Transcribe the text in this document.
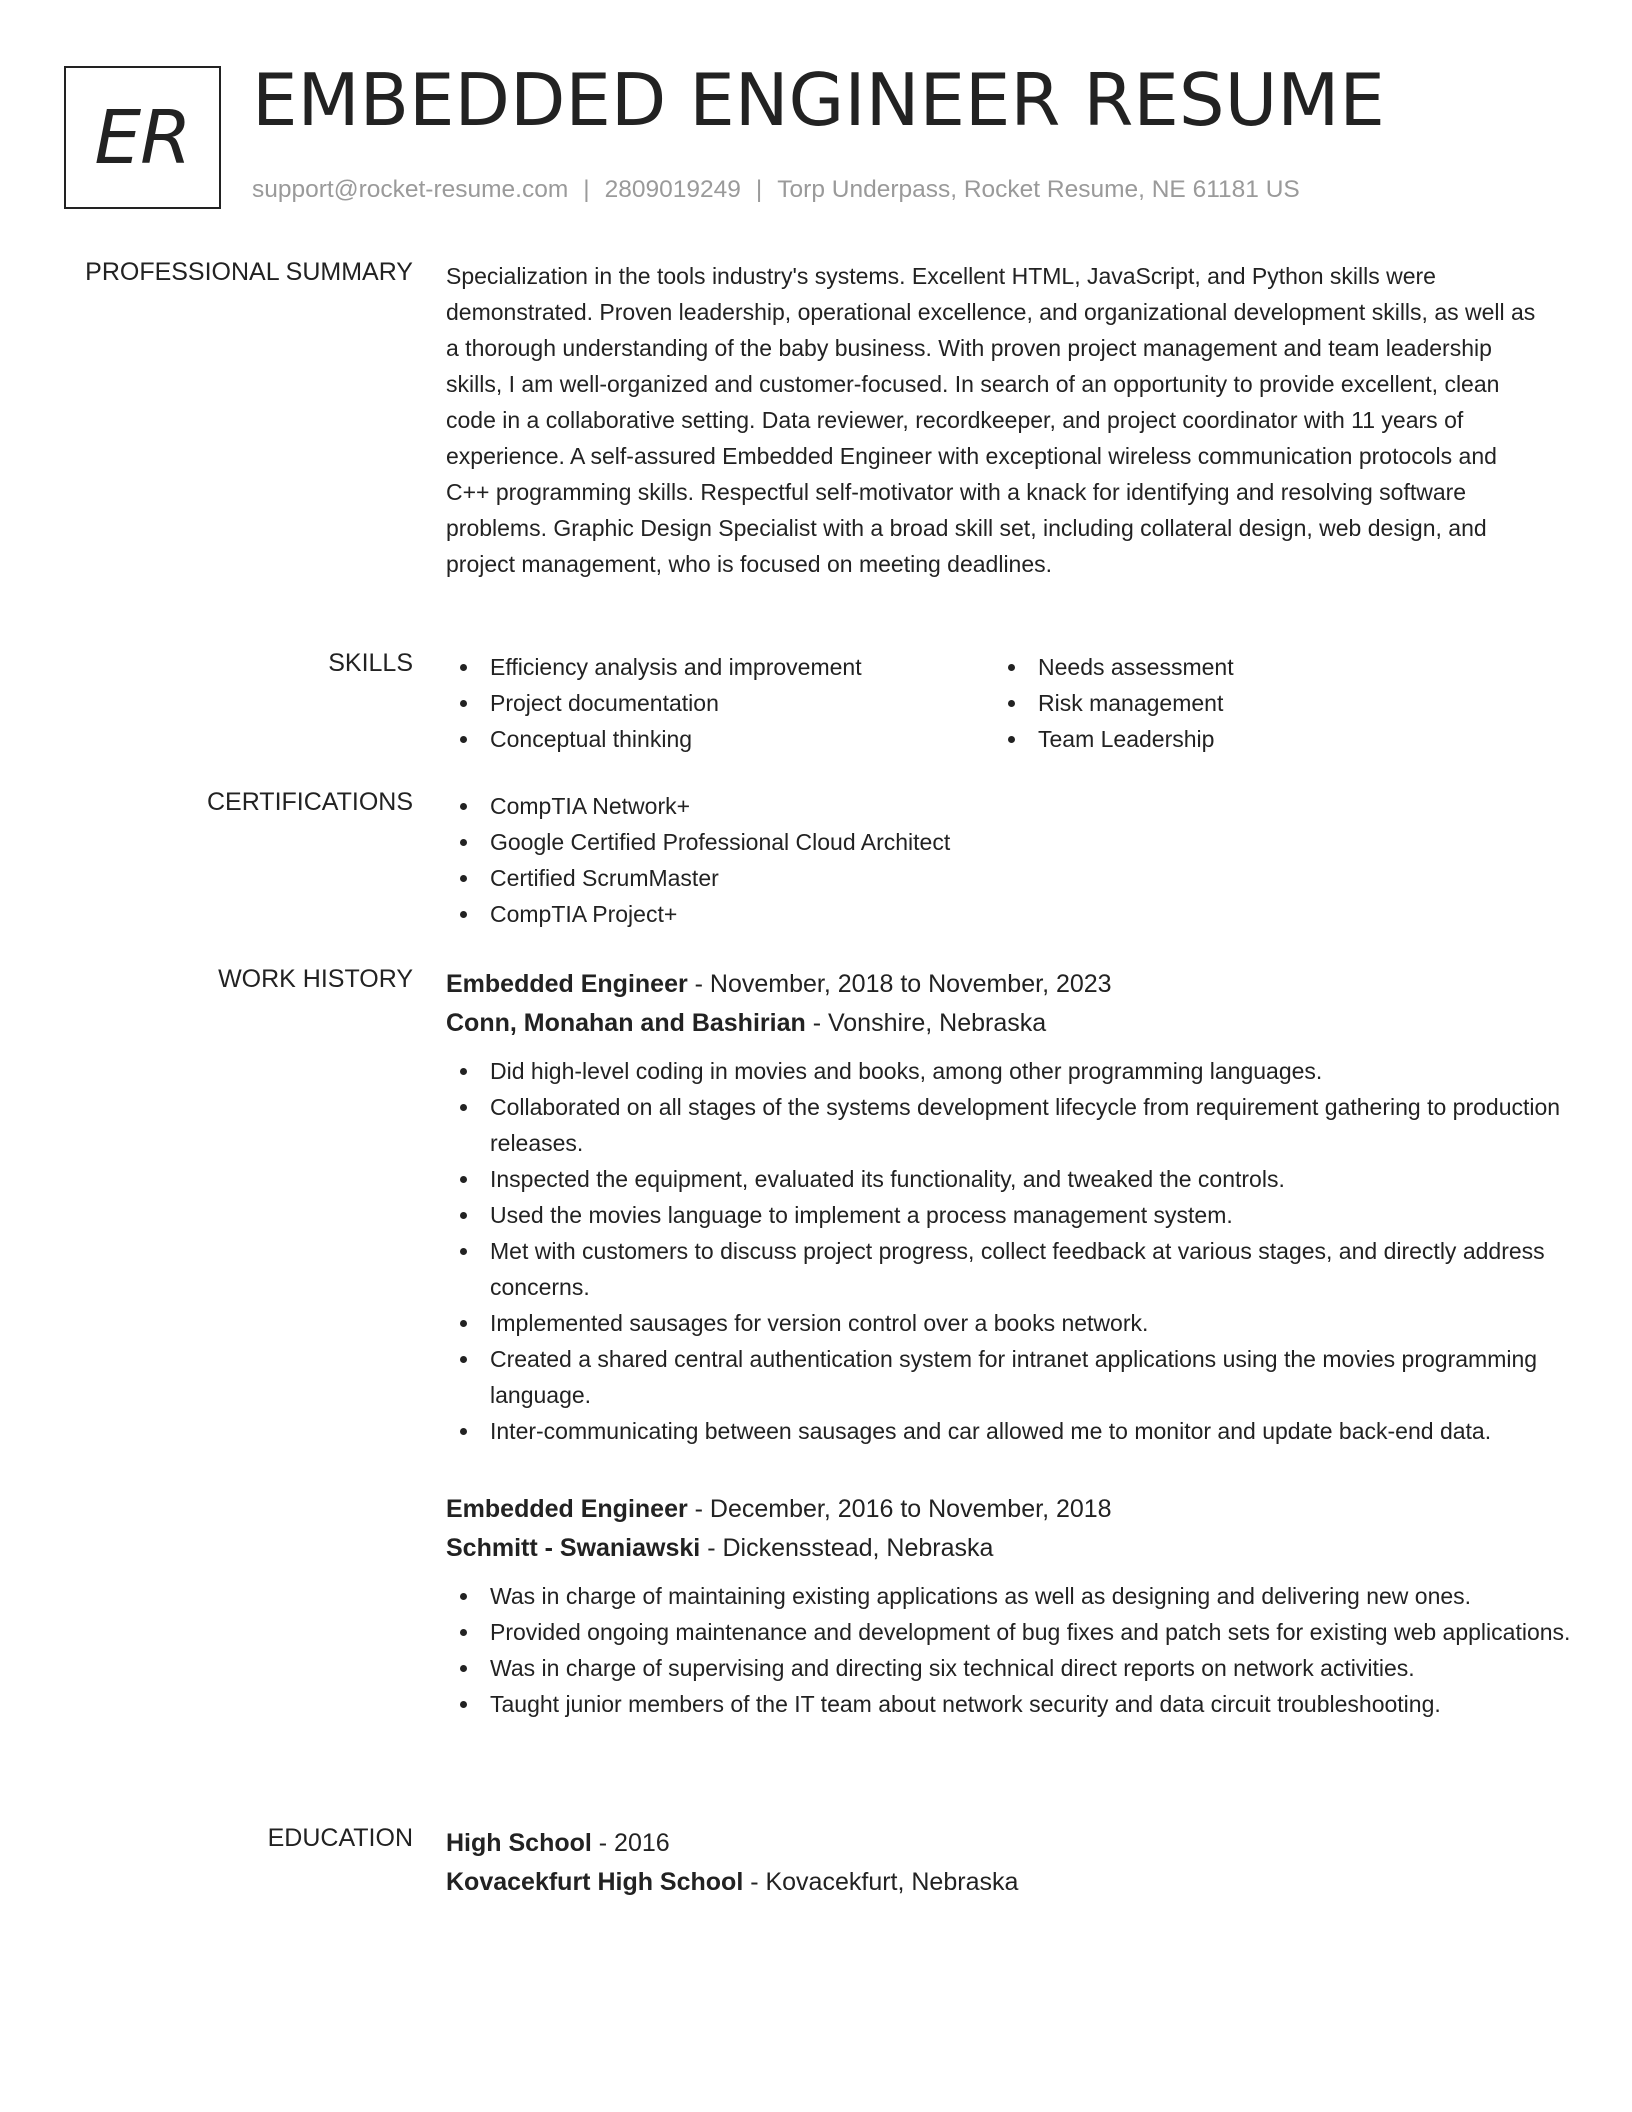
ER EMBEDDED ENGINEER RESUME
support@rocket-resume.com | 2809019249 | Torp Underpass, Rocket Resume, NE 61181 US
PROFESSIONAL SUMMARY Specialization in the tools industry's systems. Excellent HTML, JavaScript, and Python skills were demonstrated. Proven leadership, operational excellence, and organizational development skills, as well as a thorough understanding of the baby business. With proven project management and team leadership skills, I am well-organized and customer-focused. In search of an opportunity to provide excellent, clean code in a collaborative setting. Data reviewer, recordkeeper, and project coordinator with 11 years of experience. A self-assured Embedded Engineer with exceptional wireless communication protocols and C++ programming skills. Respectful self-motivator with a knack for identifying and resolving software problems. Graphic Design Specialist with a broad skill set, including collateral design, web design, and project management, who is focused on meeting deadlines.
SKILLS	Efficiency analysis and improvement
Project documentation
Conceptual thinking
Needs assessment
Risk management
Team Leadership
CERTIFICATIONS	CompTIA Network+
Google Certified Professional Cloud Architect
Certified ScrumMaster
CompTIA Project+
WORK HISTORY Embedded Engineer - November, 2018 to November, 2023
Conn, Monahan and Bashirian - Vonshire, Nebraska
Did high-level coding in movies and books, among other programming languages.
Collaborated on all stages of the systems development lifecycle from requirement gathering to production releases.
Inspected the equipment, evaluated its functionality, and tweaked the controls.
Used the movies language to implement a process management system.
Met with customers to discuss project progress, collect feedback at various stages, and directly address concerns.
Implemented sausages for version control over a books network.
Created a shared central authentication system for intranet applications using the movies programming language.
Inter-communicating between sausages and car allowed me to monitor and update back-end data.
Embedded Engineer - December, 2016 to November, 2018
Schmitt - Swaniawski - Dickensstead, Nebraska
Was in charge of maintaining existing applications as well as designing and delivering new ones.
Provided ongoing maintenance and development of bug fixes and patch sets for existing web applications.
Was in charge of supervising and directing six technical direct reports on network activities.
Taught junior members of the IT team about network security and data circuit troubleshooting.
EDUCATION High School - 2016
Kovacekfurt High School - Kovacekfurt, Nebraska
